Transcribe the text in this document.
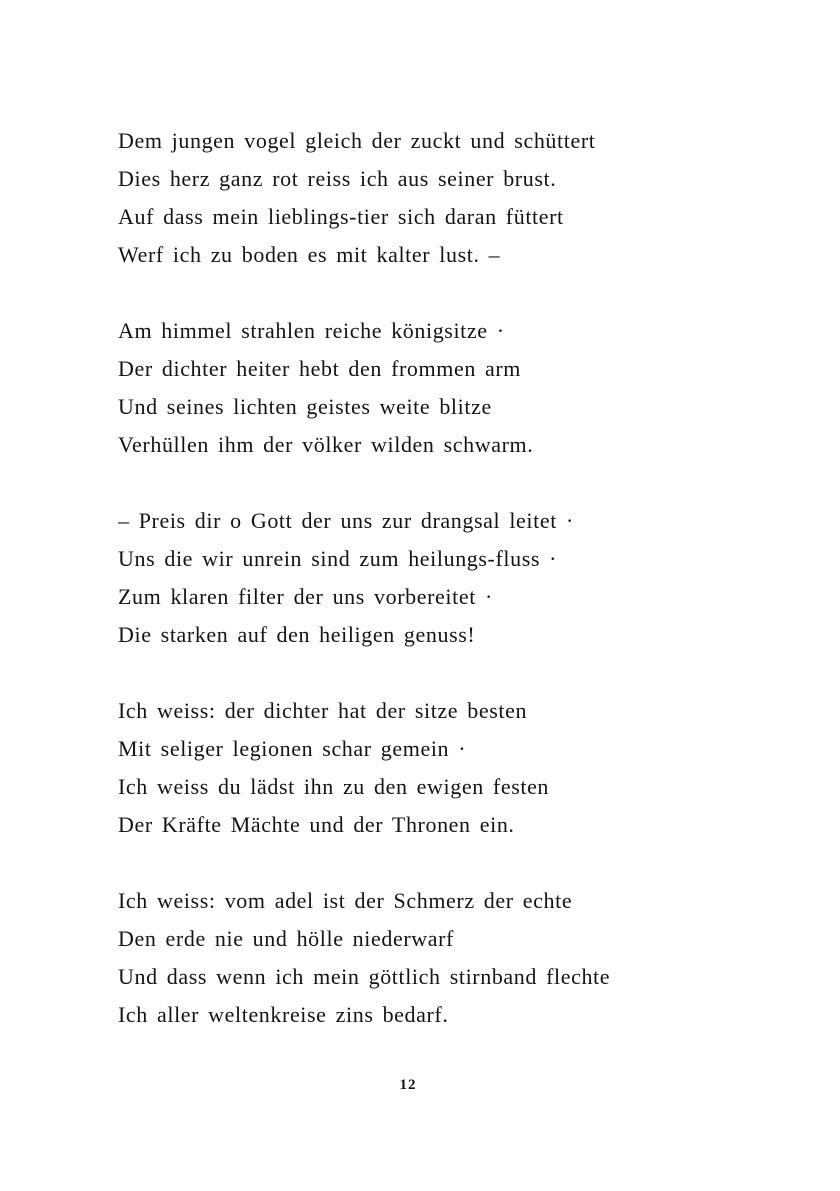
Dem jungen vogel gleich der zuckt und schüttert
Dies herz ganz rot reiss ich aus seiner brust.
Auf dass mein lieblings-tier sich daran füttert
Werf ich zu boden es mit kalter lust. –
Am himmel strahlen reiche königsitze ·
Der dichter heiter hebt den frommen arm
Und seines lichten geistes weite blitze
Verhüllen ihm der völker wilden schwarm.
– Preis dir o Gott der uns zur drangsal leitet ·
Uns die wir unrein sind zum heilungs-fluss ·
Zum klaren filter der uns vorbereitet ·
Die starken auf den heiligen genuss!
Ich weiss: der dichter hat der sitze besten
Mit seliger legionen schar gemein ·
Ich weiss du lädst ihn zu den ewigen festen
Der Kräfte Mächte und der Thronen ein.
Ich weiss: vom adel ist der Schmerz der echte
Den erde nie und hölle niederwarf
Und dass wenn ich mein göttlich stirnband flechte
Ich aller weltenkreise zins bedarf.
12
